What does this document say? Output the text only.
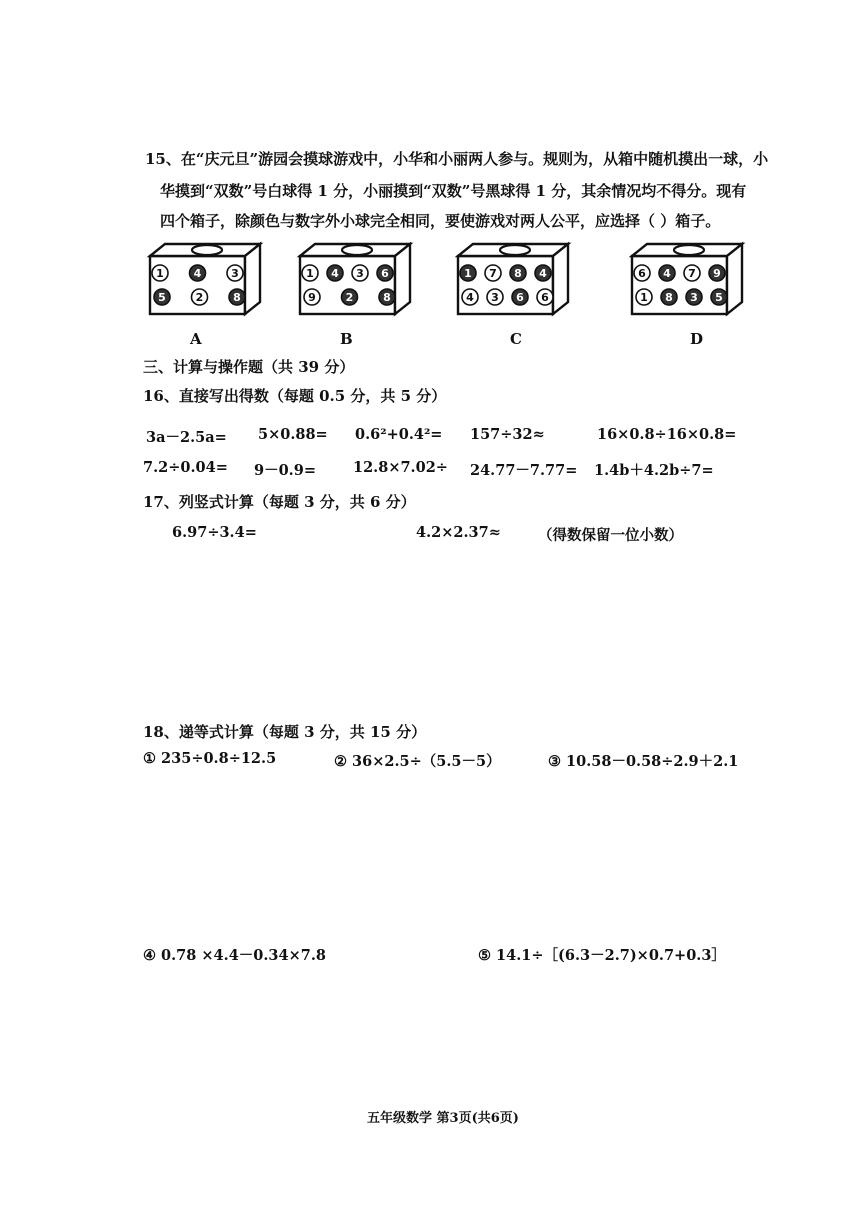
15、在“庆元旦”游园会摸球游戏中，小华和小丽两人参与。规则为，从箱中随机摸出一球，小
华摸到“双数”号白球得 1 分，小丽摸到“双数”号黑球得 1 分，其余情况均不得分。现有
四个箱子，除颜色与数字外小球完全相同，要使游戏对两人公平，应选择（ ）箱子。
1	4	3
5	2	8
1 4 3 6
9	2	8
1 7 8 4
4 3 6 6
6 4 7 9
1 8 3 5
A	B	C	D
三、计算与操作题（共 39 分）
16、直接写出得数（每题 0.5 分，共 5 分）
3a－2.5a= 5×0.88= 0.6²+0.4²= 157÷32≈	16×0.8÷16×0.8=
7.2÷0.04= 9－0.9=	12.8×7.02÷ 24.77－7.77= 1.4b＋4.2b÷7=
17、列竖式计算（每题 3 分，共 6 分）
6.97÷3.4=	4.2×2.37≈	（得数保留一位小数）
18、递等式计算（每题 3 分，共 15 分）
① 235÷0.8÷12.5	② 36×2.5÷（5.5－5）	③ 10.58－0.58÷2.9＋2.1
④ 0.78 ×4.4－0.34×7.8	⑤ 14.1÷［(6.3－2.7)×0.7+0.3］
五年级数学 第3页(共6页)
